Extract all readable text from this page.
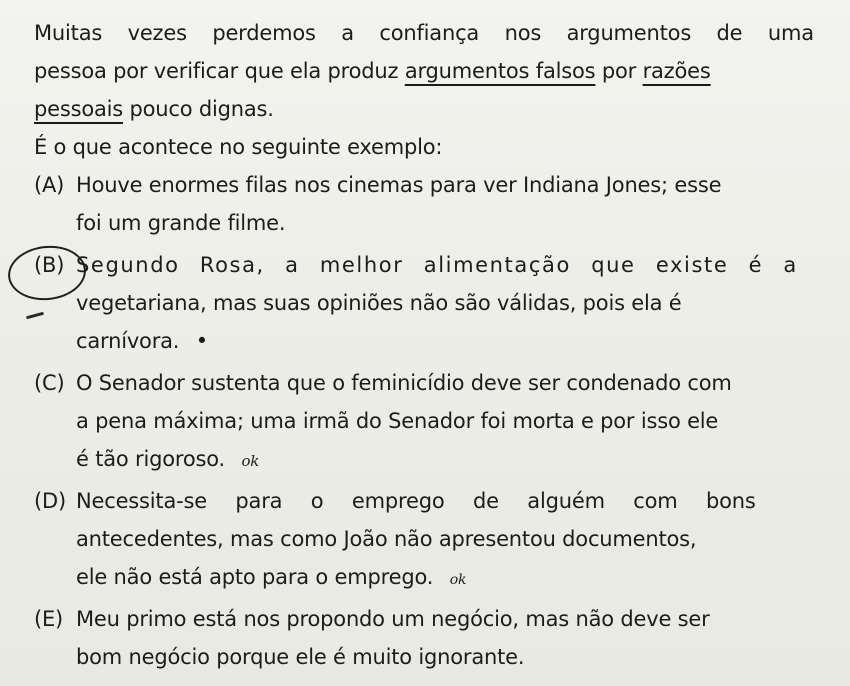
Muitas vezes perdemos a confiança nos argumentos de uma
pessoa por verificar que ela produz argumentos falsos por razões
pessoais pouco dignas.
É o que acontece no seguinte exemplo:
(A) Houve enormes filas nos cinemas para ver Indiana Jones; esse
foi um grande filme.
(B) Segundo Rosa, a melhor alimentação que existe é a
vegetariana, mas suas opiniões não são válidas, pois ela é
carnívora. •
(C) O Senador sustenta que o feminicídio deve ser condenado com
a pena máxima; uma irmã do Senador foi morta e por isso ele
é tão rigoroso. ok
(D) Necessita-se para o emprego de alguém com bons
antecedentes, mas como João não apresentou documentos,
ele não está apto para o emprego. ok
(E) Meu primo está nos propondo um negócio, mas não deve ser
bom negócio porque ele é muito ignorante.
